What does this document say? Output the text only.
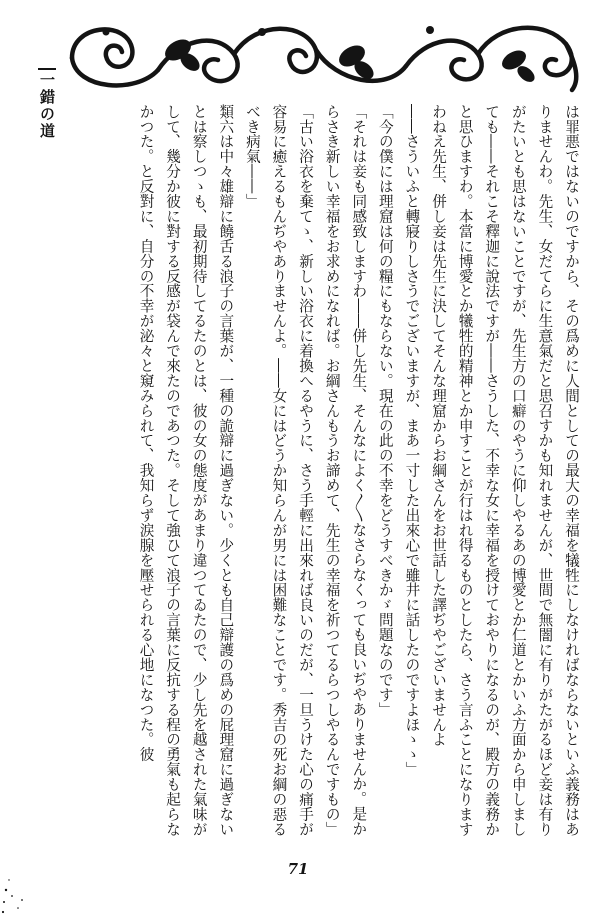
一錯の道	は罪悪ではないのですから、その爲めに人間としての最大の幸福を犠牲にしなければならないといふ義務はありませんわ。先生、女だてらに生意氣だと思召すかも知れませんが、世間で無闇に有りがたがるほど妾は有りがたいとも思はないことですが、先生方の口癖のやうに仰しやるあの博愛とか仁道とかいふ方面から申しましても――それこそ釋迦に說法ですが――さうした、不幸な女に幸福を授けておやりになるのが、殿方の義務かと思ひますわ。本當に博愛とか犧牲的精神とか申すことが行はれ得るものとしたら、さう言ふことになりますわねえ先生、併し妾は先生に決してそんな理窟からお綱さんをお世話した譯ぢやございませんよ

――さういふと轉寢りしさうでございますが、まあ一寸した出來心で雖井に話したのですよほゝゝ」

「今の僕には理窟は何の糧にもならない。現在の此の不幸をどうすべきかゞ問題なのです」

「それは妾も同感致しますわ――併し先生、そんなによく〳〵なさらなくっても良いぢやありませんか。是からさき新しい幸福をお求めになれば。お綱さんもうお諦めて、先生の幸福を祈つてるらつしやるんですもの」

「古い浴衣を棄てゝ、新しい浴衣に着換へるやうに、さう手輕に出來れば良いのだが、一旦うけた心の痛手が容易に癒えるもんぢやありませんよ。――女にはどうか知らんが男には困難なことです。秀吉の死お綱の惡るべき病氣――」

類六は中々雄辯に饒舌る浪子の言葉が、一種の詭辯に過ぎない。少くとも自己辯護の爲めの屁理窟に過ぎないとは察しつゝも、最初期待してるたのとは、彼の女の態度があまり違つてゐたので、少し先を越された氣味がして、幾分か彼に對する反感が袋んで來たのであつた。そして強ひて浪子の言葉に反抗する程の勇氣も起らなかつた。と反對に、自分の不幸が泌々と窺みられて、我知らず涙腺を壓せられる心地になつた。彼

71
